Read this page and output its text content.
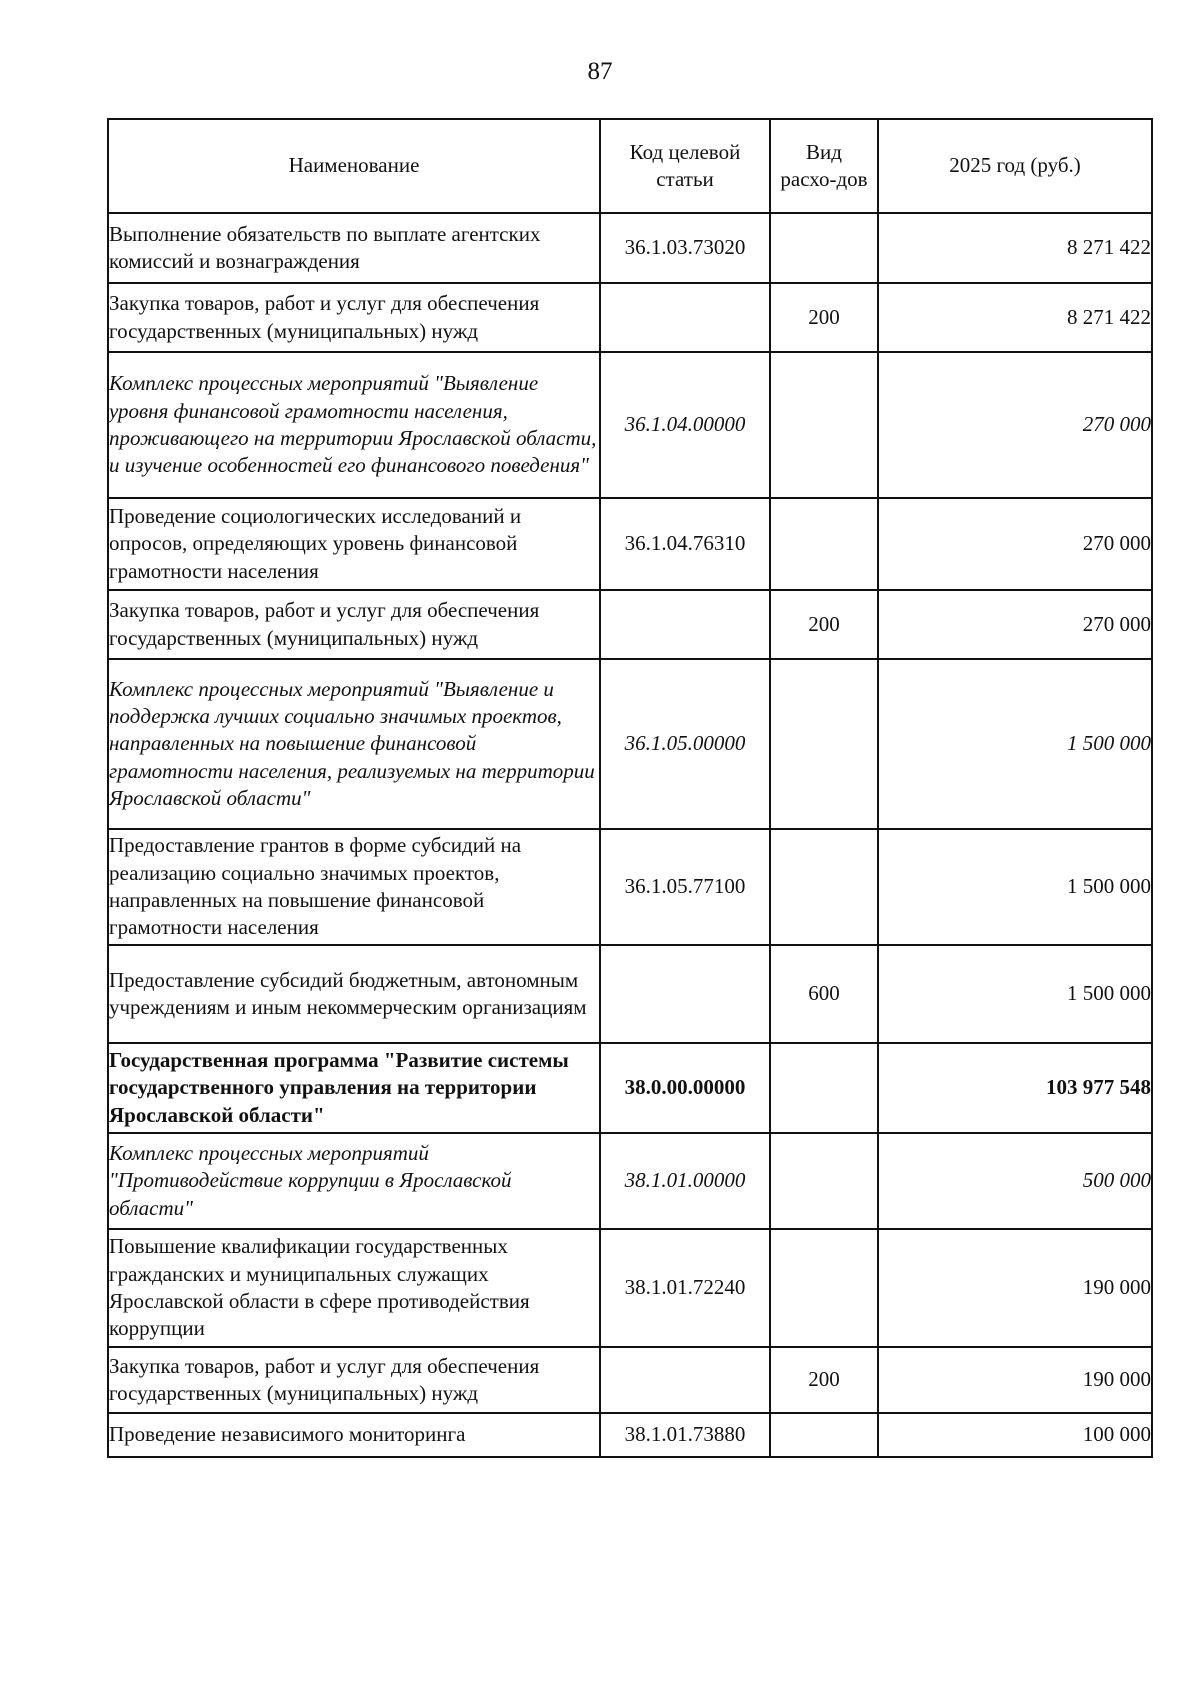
87
Наименование	Код целевой статьи	Вид расхо-дов	2025 год (руб.)
Выполнение обязательств по выплате агентских комиссий и вознаграждения	36.1.03.73020		8 271 422
Закупка товаров, работ и услуг для обеспечения государственных (муниципальных) нужд		200	8 271 422
Комплекс процессных мероприятий "Выявление уровня финансовой грамотности населения, проживающего на территории Ярославской области, и изучение особенностей его финансового поведения"	36.1.04.00000		270 000
Проведение социологических исследований и опросов, определяющих уровень финансовой грамотности населения	36.1.04.76310		270 000
Закупка товаров, работ и услуг для обеспечения государственных (муниципальных) нужд		200	270 000
Комплекс процессных мероприятий "Выявление и поддержка лучших социально значимых проектов, направленных на повышение финансовой грамотности населения, реализуемых на территории Ярославской области"	36.1.05.00000		1 500 000
Предоставление грантов в форме субсидий на реализацию социально значимых проектов, направленных на повышение финансовой грамотности населения	36.1.05.77100		1 500 000
Предоставление субсидий бюджетным, автономным учреждениям и иным некоммерческим организациям		600	1 500 000
Государственная программа "Развитие системы государственного управления на территории Ярославской области"	38.0.00.00000		103 977 548
Комплекс процессных мероприятий "Противодействие коррупции в Ярославской области"	38.1.01.00000		500 000
Повышение квалификации государственных гражданских и муниципальных служащих Ярославской области в сфере противодействия коррупции	38.1.01.72240		190 000
Закупка товаров, работ и услуг для обеспечения государственных (муниципальных) нужд		200	190 000
Проведение независимого мониторинга	38.1.01.73880		100 000
